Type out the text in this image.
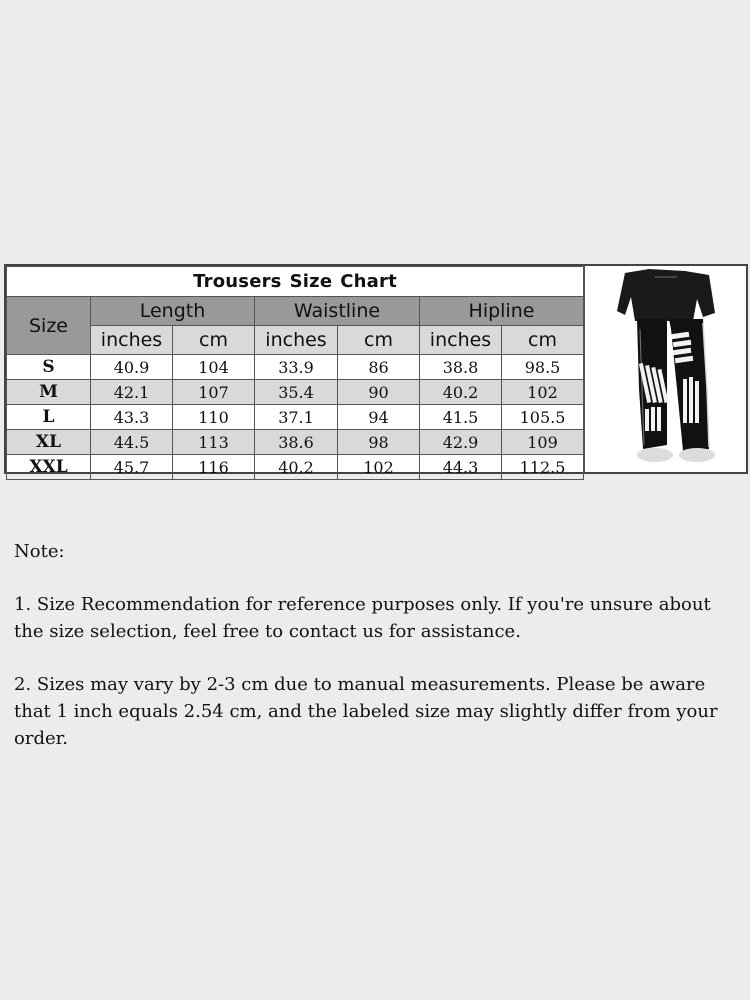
Trousers Size Chart						
Size	Length		Waistline		Hipline	
	inches	cm	inches	cm	inches	cm
S	40.9	104	33.9	86	38.8	98.5
M	42.1	107	35.4	90	40.2	102
L	43.3	110	37.1	94	41.5	105.5
XL	44.5	113	38.6	98	42.9	109
XXL	45.7	116	40.2	102	44.3	112.5

Note:

1. Size Recommendation for reference purposes only. If you're unsure about the size selection, feel free to contact us for assistance.

2. Sizes may vary by 2-3 cm due to manual measurements. Please be aware that 1 inch equals 2.54 cm, and the labeled size may slightly differ from your order.
